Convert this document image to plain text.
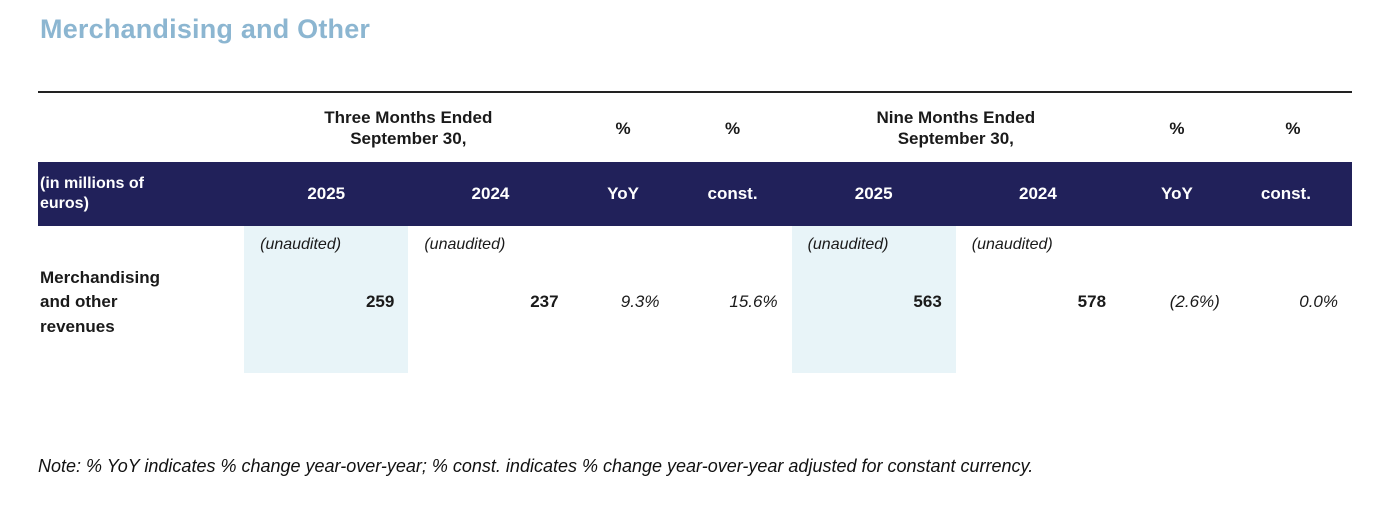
Merchandising and Other

Three Months Ended
September 30,
	%	%	
Nine Months Ended
September 30,
	%	%

(in millions of
euros)	2025	2024	YoY	const.	2025	2024	YoY	const.
	(unaudited)	(unaudited)			(unaudited)	(unaudited)		

Merchandising
and other
revenues	259	237	9.3%	15.6%	563	578	(2.6%)	0.0%
Note: % YoY indicates % change year-over-year; % const. indicates % change year-over-year adjusted for constant currency.
